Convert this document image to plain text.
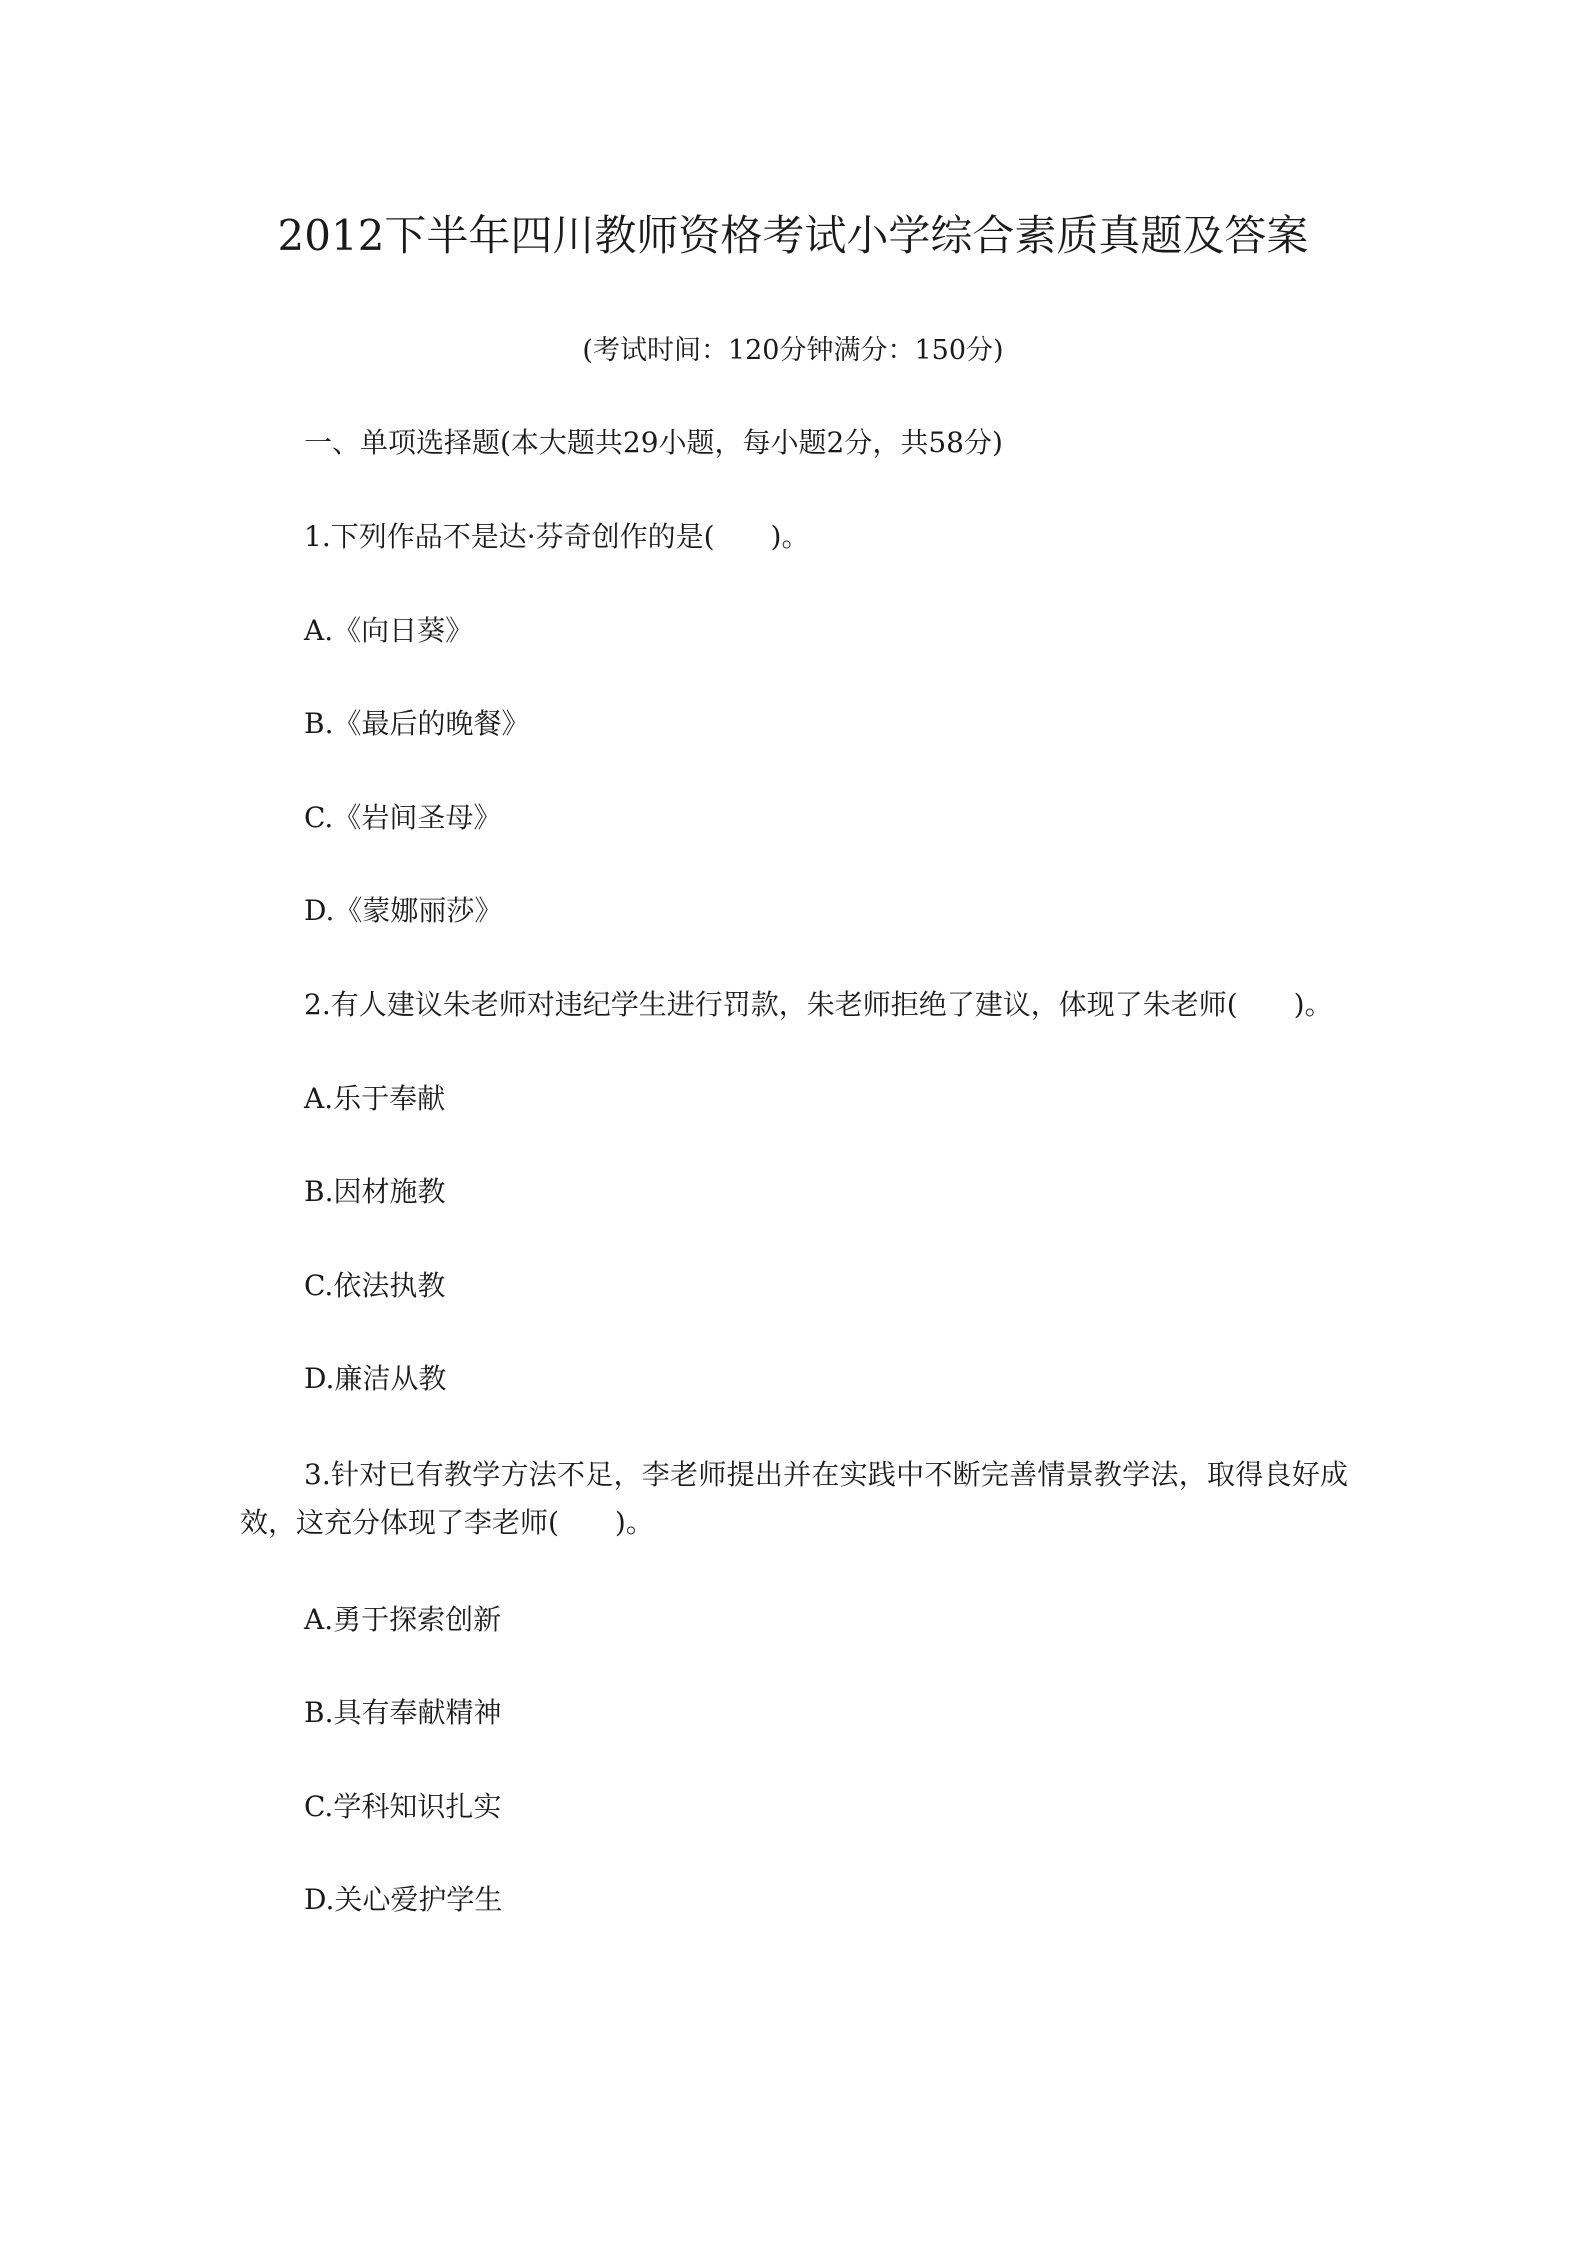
2012下半年四川教师资格考试小学综合素质真题及答案
(考试时间：120分钟满分：150分)
一、单项选择题(本大题共29小题，每小题2分，共58分)
1.下列作品不是达·芬奇创作的是(　　)。
A.《向日葵》
B.《最后的晚餐》
C.《岩间圣母》
D.《蒙娜丽莎》
2.有人建议朱老师对违纪学生进行罚款，朱老师拒绝了建议，体现了朱老师(　　)。
A.乐于奉献
B.因材施教
C.依法执教
D.廉洁从教
3.针对已有教学方法不足，李老师提出并在实践中不断完善情景教学法，取得良好成效，这充分体现了李老师(　　)。
A.勇于探索创新
B.具有奉献精神
C.学科知识扎实
D.关心爱护学生
